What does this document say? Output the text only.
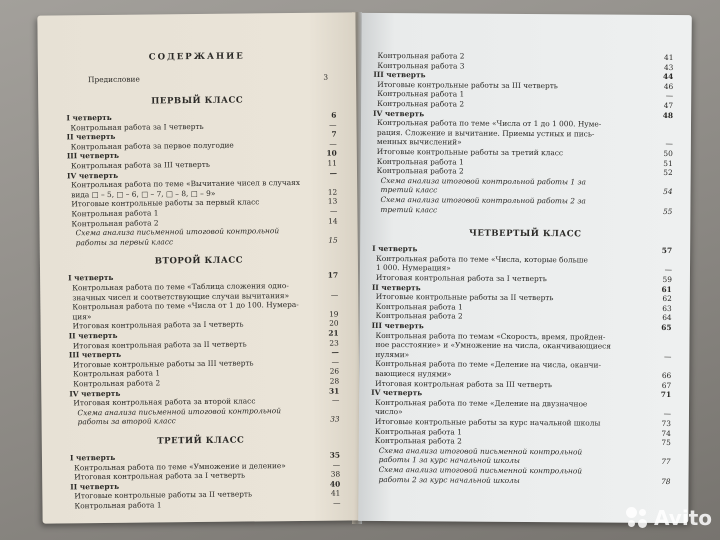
СОДЕРЖАНИЕ
Предисловие	3
ПЕРВЫЙ КЛАСС
I четверть	6
Контрольная работа за I четверть	—
II четверть	7
Контрольная работа за первое полугодие	—
III четверть	10
Контрольная работа за III четверть	11
IV четверть	—
Контрольная работа по теме «Вычитание чисел в случаях
вида □ – 5, □ – 6, □ – 7, □ – 8, □ – 9»	12
Итоговые контрольные работы за первый класс	13
Контрольная работа 1	—
Контрольная работа 2	14
Схема анализа письменной итоговой контрольной
работы за первый класс	15
ВТОРОЙ КЛАСС
I четверть	17
Контрольная работа по теме «Таблица сложения одно-
значных чисел и соответствующие случаи вычитания»	—
Контрольная работа по теме «Числа от 1 до 100. Нумера-
ция»	19
Итоговая контрольная работа за I четверть	20
II четверть	21
Итоговая контрольная работа за II четверть	23
III четверть	—
Итоговые контрольные работы за III четверть	—
Контрольная работа 1	26
Контрольная работа 2	28
IV четверть	31
Итоговая контрольная работа за второй класс	—
Схема анализа письменной итоговой контрольной
работы за второй класс	33
ТРЕТИЙ КЛАСС
I четверть	35
Контрольная работа по теме «Умножение и деление»	—
Итоговая контрольная работа за I четверть	38
II четверть	40
Итоговые контрольные работы за II четверть	41
Контрольная работа 1	—
Контрольная работа 2	41
Контрольная работа 3	43
III четверть	44
Итоговые контрольные работы за III четверть	46
Контрольная работа 1	—
Контрольная работа 2	47
IV четверть	48
Контрольная работа по теме «Числа от 1 до 1 000. Нуме-
рация. Сложение и вычитание. Приемы устных и пись-
менных вычислений»	—
Итоговые контрольные работы за третий класс	50
Контрольная работа 1	51
Контрольная работа 2	52
Схема анализа итоговой контрольной работы 1 за
третий класс	54
Схема анализа итоговой контрольной работы 2 за
третий класс	55
ЧЕТВЕРТЫЙ КЛАСС
I четверть	57
Контрольная работа по теме «Числа, которые больше
1 000. Нумерация»	—
Итоговая контрольная работа за I четверть	59
II четверть	61
Итоговые контрольные работы за II четверть	62
Контрольная работа 1	63
Контрольная работа 2	64
III четверть	65
Контрольная работа по темам «Скорость, время, пройден-
ное расстояние» и «Умножение на числа, оканчивающиеся
нулями»	—
Контрольная работа по теме «Деление на числа, оканчи-
вающиеся нулями»	66
Итоговая контрольная работа за III четверть	67
IV четверть	71
Контрольная работа по теме «Деление на двузначное
число»	—
Итоговые контрольные работы за курс начальной школы	73
Контрольная работа 1	74
Контрольная работа 2	75
Схема анализа итоговой письменной контрольной
работы 1 за курс начальной школы	77
Схема анализа итоговой письменной контрольной
работы 2 за курс начальной школы	78
Avito
